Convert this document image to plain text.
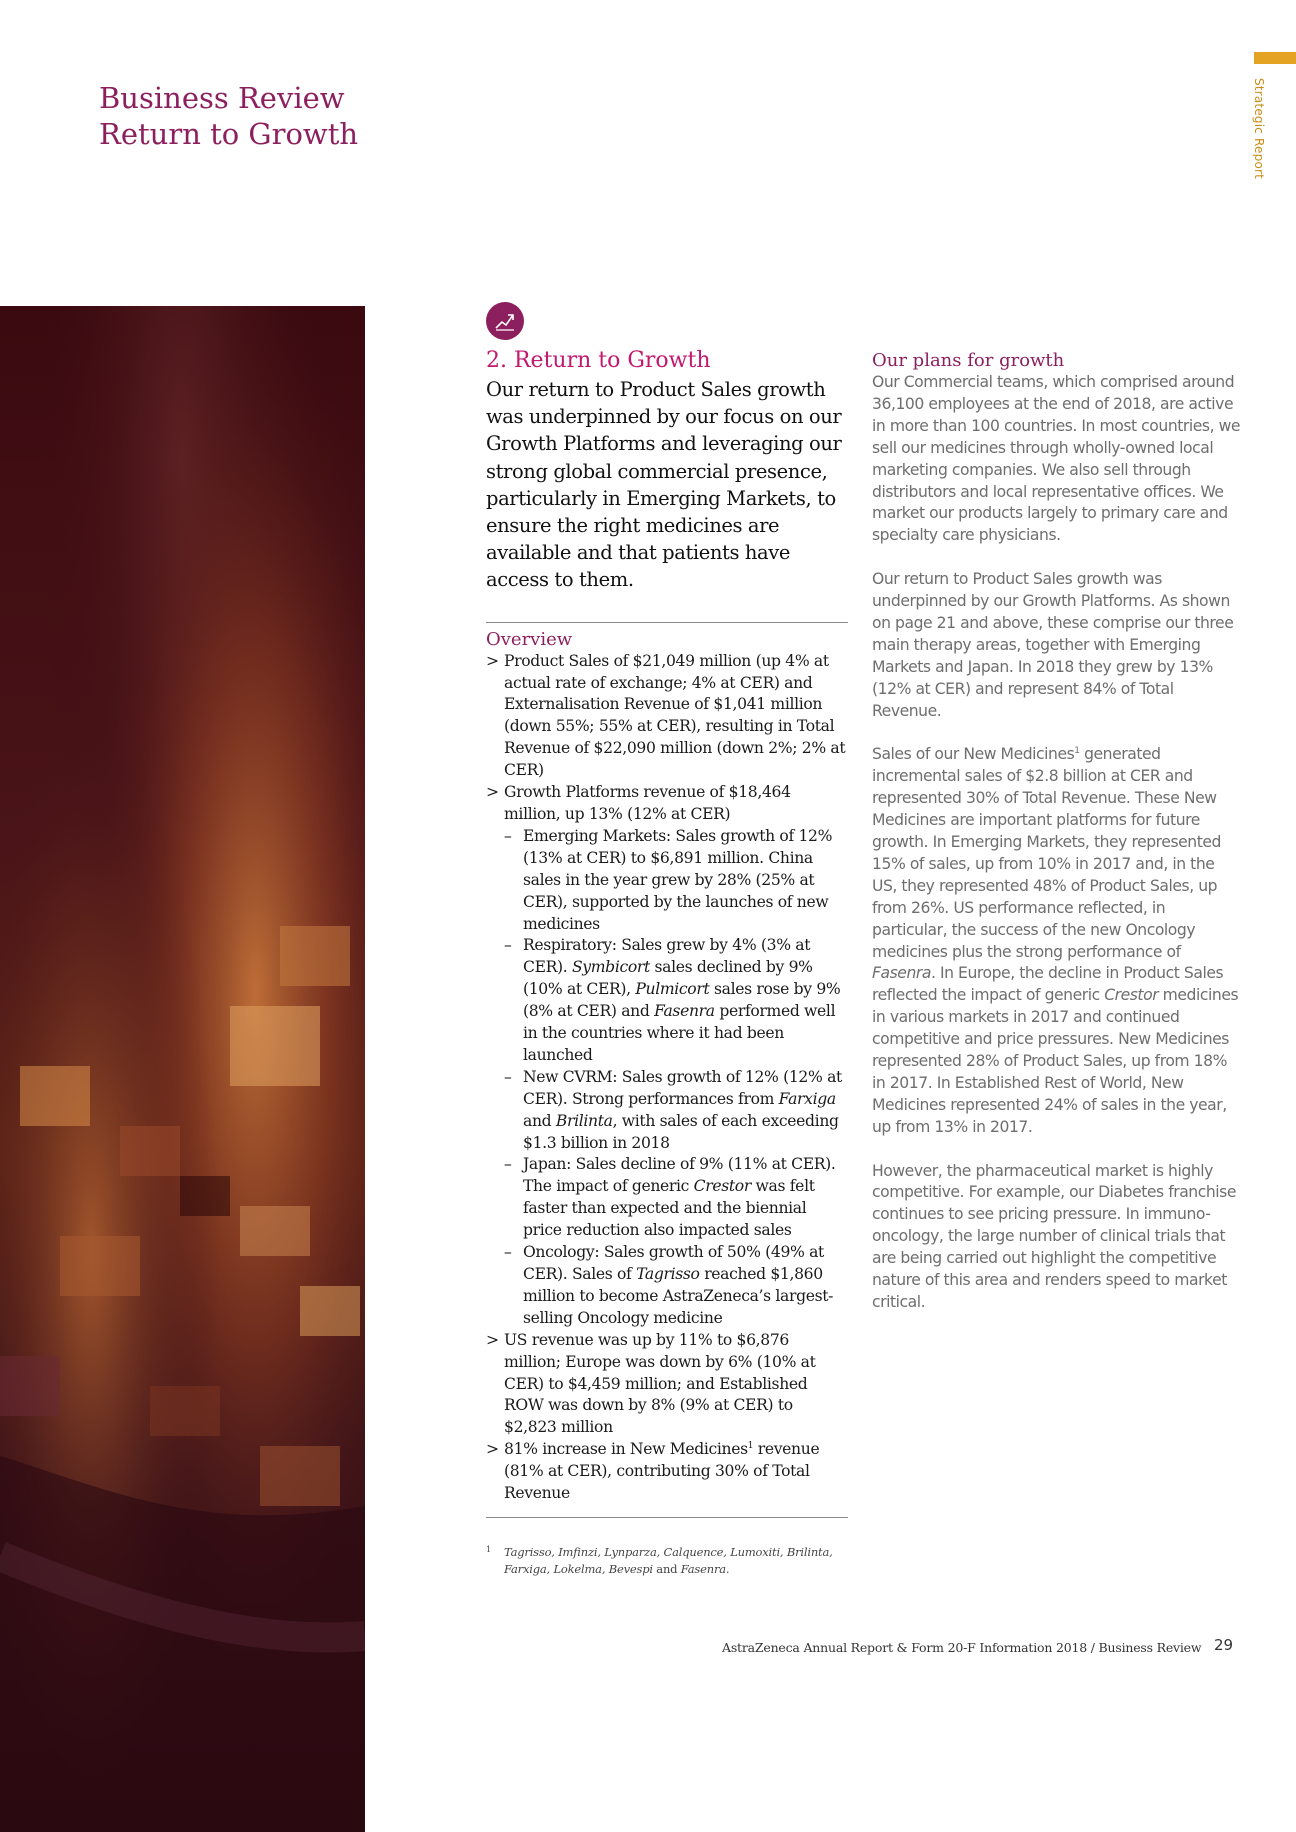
Business Review
Return to Growth	Strategic Report
2. Return to Growth
Our return to Product Sales growth was underpinned by our focus on our Growth Platforms and leveraging our strong global commercial presence, particularly in Emerging Markets, to ensure the right medicines are available and that patients have access to them.
Overview
> Product Sales of $21,049 million (up 4% at actual rate of exchange; 4% at CER) and Externalisation Revenue of $1,041 million (down 55%; 55% at CER), resulting in Total Revenue of $22,090 million (down 2%; 2% at CER)
> Growth Platforms revenue of $18,464 million, up 13% (12% at CER)
– Emerging Markets: Sales growth of 12% (13% at CER) to $6,891 million. China sales in the year grew by 28% (25% at CER), supported by the launches of new medicines
– Respiratory: Sales grew by 4% (3% at CER). Symbicort sales declined by 9% (10% at CER), Pulmicort sales rose by 9% (8% at CER) and Fasenra performed well in the countries where it had been launched
– New CVRM: Sales growth of 12% (12% at CER). Strong performances from Farxiga and Brilinta, with sales of each exceeding $1.3 billion in 2018
– Japan: Sales decline of 9% (11% at CER). The impact of generic Crestor was felt faster than expected and the biennial price reduction also impacted sales
– Oncology: Sales growth of 50% (49% at CER). Sales of Tagrisso reached $1,860 million to become AstraZeneca’s largest-selling Oncology medicine
> US revenue was up by 11% to $6,876 million; Europe was down by 6% (10% at CER) to $4,459 million; and Established ROW was down by 8% (9% at CER) to $2,823 million
> 81% increase in New Medicines$^1$ revenue (81% at CER), contributing 30% of Total Revenue
1 Tagrisso, Imfinzi, Lynparza, Calquence, Lumoxiti, Brilinta, Farxiga, Lokelma, Bevespi and Fasenra.
Our plans for growth

Our Commercial teams, which comprised around 36,100 employees at the end of 2018, are active in more than 100 countries. In most countries, we sell our medicines through wholly-owned local marketing companies. We also sell through distributors and local representative offices. We market our products largely to primary care and specialty care physicians.

Our return to Product Sales growth was underpinned by our Growth Platforms. As shown on page 21 and above, these comprise our three main therapy areas, together with Emerging Markets and Japan. In 2018 they grew by 13% (12% at CER) and represent 84% of Total Revenue.

Sales of our New Medicines$^1$ generated incremental sales of $2.8 billion at CER and represented 30% of Total Revenue. These New Medicines are important platforms for future growth. In Emerging Markets, they represented 15% of sales, up from 10% in 2017 and, in the US, they represented 48% of Product Sales, up from 26%. US performance reflected, in particular, the success of the new Oncology medicines plus the strong performance of Fasenra. In Europe, the decline in Product Sales reflected the impact of generic Crestor medicines in various markets in 2017 and continued competitive and price pressures. New Medicines represented 28% of Product Sales, up from 18% in 2017. In Established Rest of World, New Medicines represented 24% of sales in the year, up from 13% in 2017.

However, the pharmaceutical market is highly competitive. For example, our Diabetes franchise continues to see pricing pressure. In immuno-oncology, the large number of clinical trials that are being carried out highlight the competitive nature of this area and renders speed to market critical.

AstraZeneca Annual Report & Form 20-F Information 2018 / Business Review 29
